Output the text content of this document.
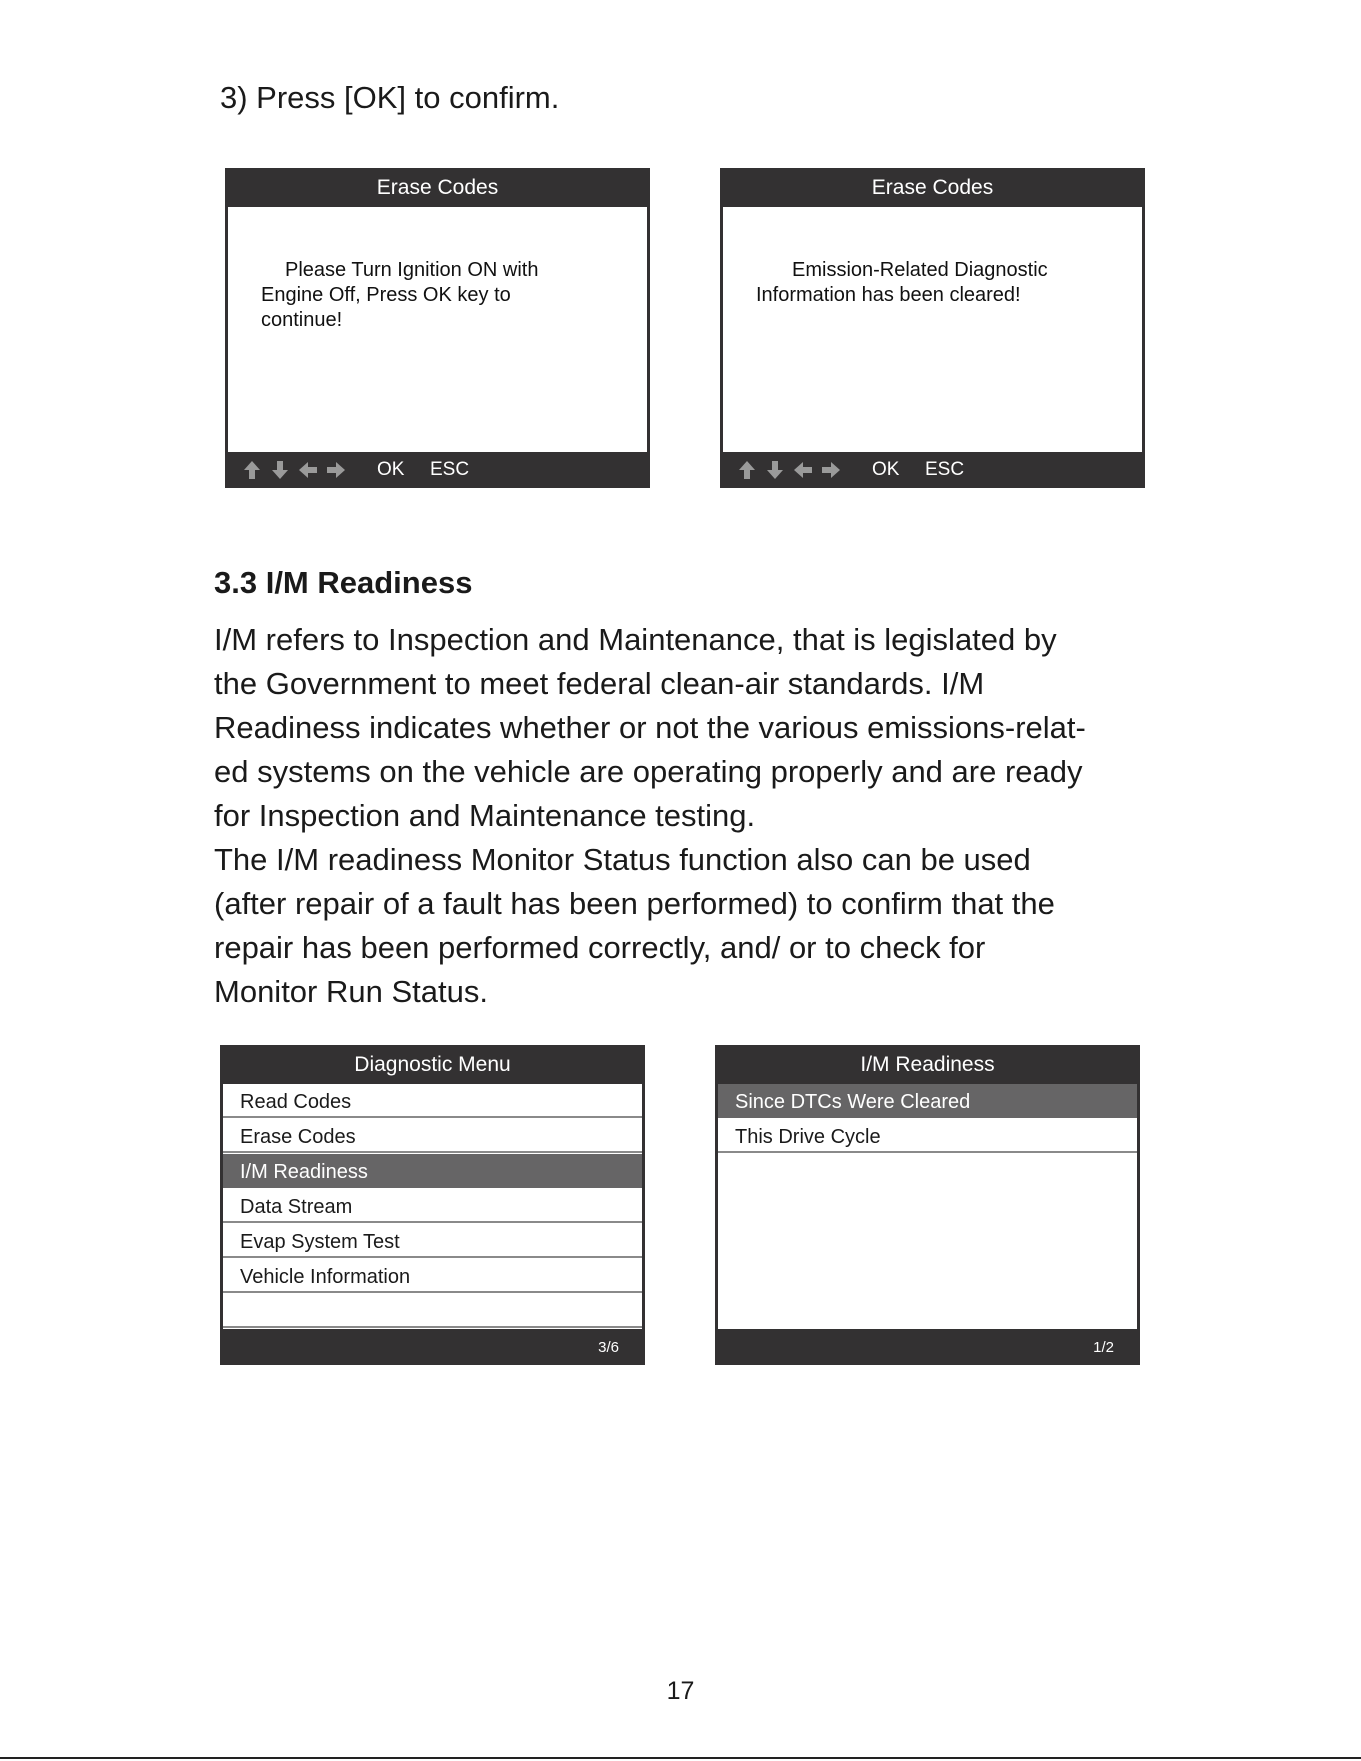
3) Press [OK] to confirm.
Erase Codes
Please Turn Ignition ON with
Engine Off, Press OK key to
continue!
OK ESC
Erase Codes
Emission-Related Diagnostic
Information has been cleared!
OK ESC
3.3 I/M Readiness

I/M refers to Inspection and Maintenance, that is legislated by

the Government to meet federal clean-air standards. I/M

Readiness indicates whether or not the various emissions-relat-

ed systems on the vehicle are operating properly and are ready

for Inspection and Maintenance testing.

The I/M readiness Monitor Status function also can be used

(after repair of a fault has been performed) to confirm that the

repair has been performed correctly, and/ or to check for

Monitor Run Status.

Diagnostic Menu
Read Codes
Erase Codes
I/M Readiness
Data Stream
Evap System Test
Vehicle Information
3/6
I/M Readiness
Since DTCs Were Cleared
This Drive Cycle
1/2
17
